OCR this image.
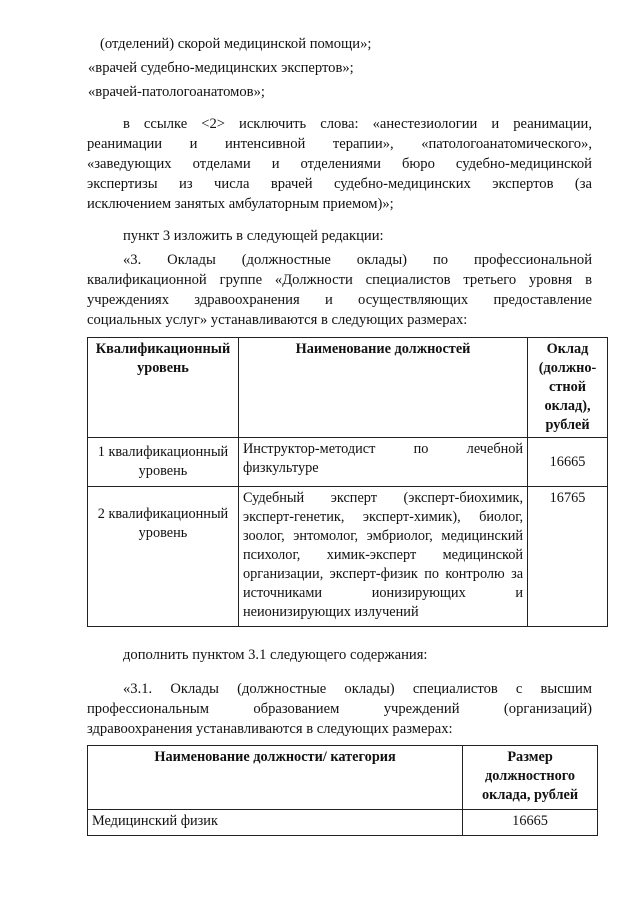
(отделений) скорой медицинской помощи»;
«врачей судебно-медицинских экспертов»;
«врачей-патологоанатомов»;
в ссылке <2> исключить слова: «анестезиологии и реанимации,
реанимации и интенсивной терапии», «патологоанатомического»,
«заведующих отделами и отделениями бюро судебно-медицинской
экспертизы из числа врачей судебно-медицинских экспертов (за
исключением занятых амбулаторным приемом)»;
пункт 3 изложить в следующей редакции:
«3. Оклады (должностные оклады) по профессиональной
квалификационной группе «Должности специалистов третьего уровня в
учреждениях здравоохранения и осуществляющих предоставление
социальных услуг» устанавливаются в следующих размерах:
Квалификационный уровень	Наименование должностей	Оклад (должно-стной оклад), рублей
1 квалификационный уровень	Инструктор-методист по лечебной физкультуре	16665
2 квалификационный уровень	Судебный эксперт (эксперт-биохимик, эксперт-генетик, эксперт-химик), биолог, зоолог, энтомолог, эмбриолог, медицинский психолог, химик-эксперт медицинской организации, эксперт-физик по контролю за источниками ионизирующих и неионизирующих излучений	16765
дополнить пунктом 3.1 следующего содержания:
«3.1. Оклады (должностные оклады) специалистов с высшим
профессиональным образованием учреждений (организаций)
здравоохранения устанавливаются в следующих размерах:
Наименование должности/ категория	Размер должностного оклада, рублей
Медицинский физик	16665
